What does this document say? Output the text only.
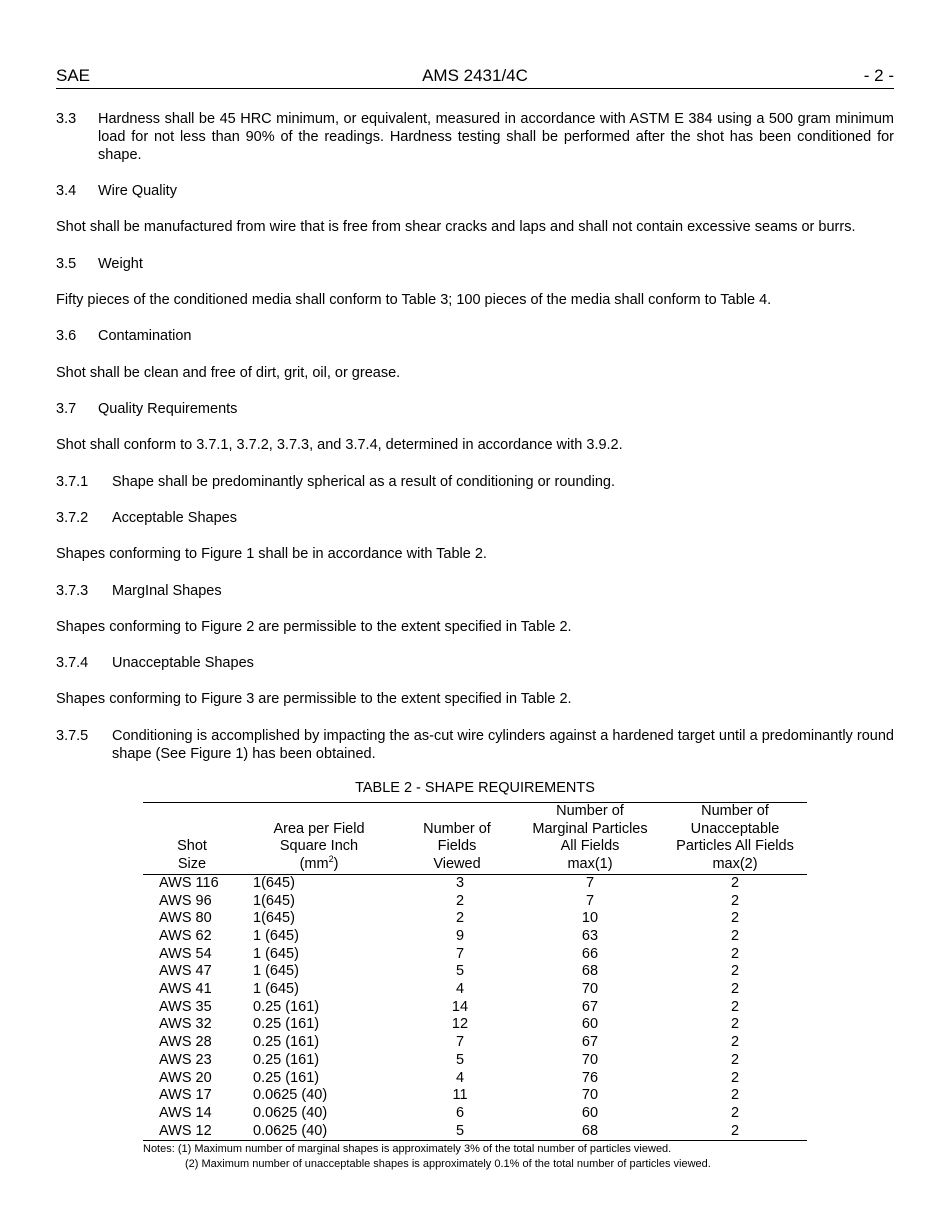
SAE	AMS 2431/4C	- 2 -
3.3 Hardness shall be 45 HRC minimum, or equivalent, measured in accordance with ASTM E 384 using a 500 gram minimum load for not less than 90% of the readings. Hardness testing shall be performed after the shot has been conditioned for shape.
3.4 Wire Quality
Shot shall be manufactured from wire that is free from shear cracks and laps and shall not contain excessive seams or burrs.
3.5 Weight
Fifty pieces of the conditioned media shall conform to Table 3; 100 pieces of the media shall conform to Table 4.
3.6 Contamination
Shot shall be clean and free of dirt, grit, oil, or grease.
3.7 Quality Requirements
Shot shall conform to 3.7.1, 3.7.2, 3.7.3, and 3.7.4, determined in accordance with 3.9.2.
3.7.1 Shape shall be predominantly spherical as a result of conditioning or rounding.
3.7.2 Acceptable Shapes
Shapes conforming to Figure 1 shall be in accordance with Table 2.
3.7.3 MargInal Shapes
Shapes conforming to Figure 2 are permissible to the extent specified in Table 2.
3.7.4 Unacceptable Shapes
Shapes conforming to Figure 3 are permissible to the extent specified in Table 2.
3.7.5 Conditioning is accomplished by impacting the as-cut wire cylinders against a hardened target until a predominantly round shape (See Figure 1) has been obtained.
TABLE 2 - SHAPE REQUIREMENTS
Shot
Size	Area per Field
Square Inch
$(mm^2)$	Number of
Fields
Viewed	Number of
Marginal Particles
All Fields
max(1)	Number of
Unacceptable
Particles All Fields
max(2)
AWS 116	1(645)	3	7	2
AWS 96	1(645)	2	7	2
AWS 80	1(645)	2	10	2
AWS 62	1 (645)	9	63	2
AWS 54	1 (645)	7	66	2
AWS 47	1 (645)	5	68	2
AWS 41	1 (645)	4	70	2
AWS 35	0.25 (161)	14	67	2
AWS 32	0.25 (161)	12	60	2
AWS 28	0.25 (161)	7	67	2
AWS 23	0.25 (161)	5	70	2
AWS 20	0.25 (161)	4	76	2
AWS 17	0.0625 (40)	11	70	2
AWS 14	0.0625 (40)	6	60	2
AWS 12	0.0625 (40)	5	68	2
Notes: (1) Maximum number of marginal shapes is approximately 3% of the total number of particles viewed.
(2) Maximum number of unacceptable shapes is approximately 0.1% of the total number of particles viewed.
